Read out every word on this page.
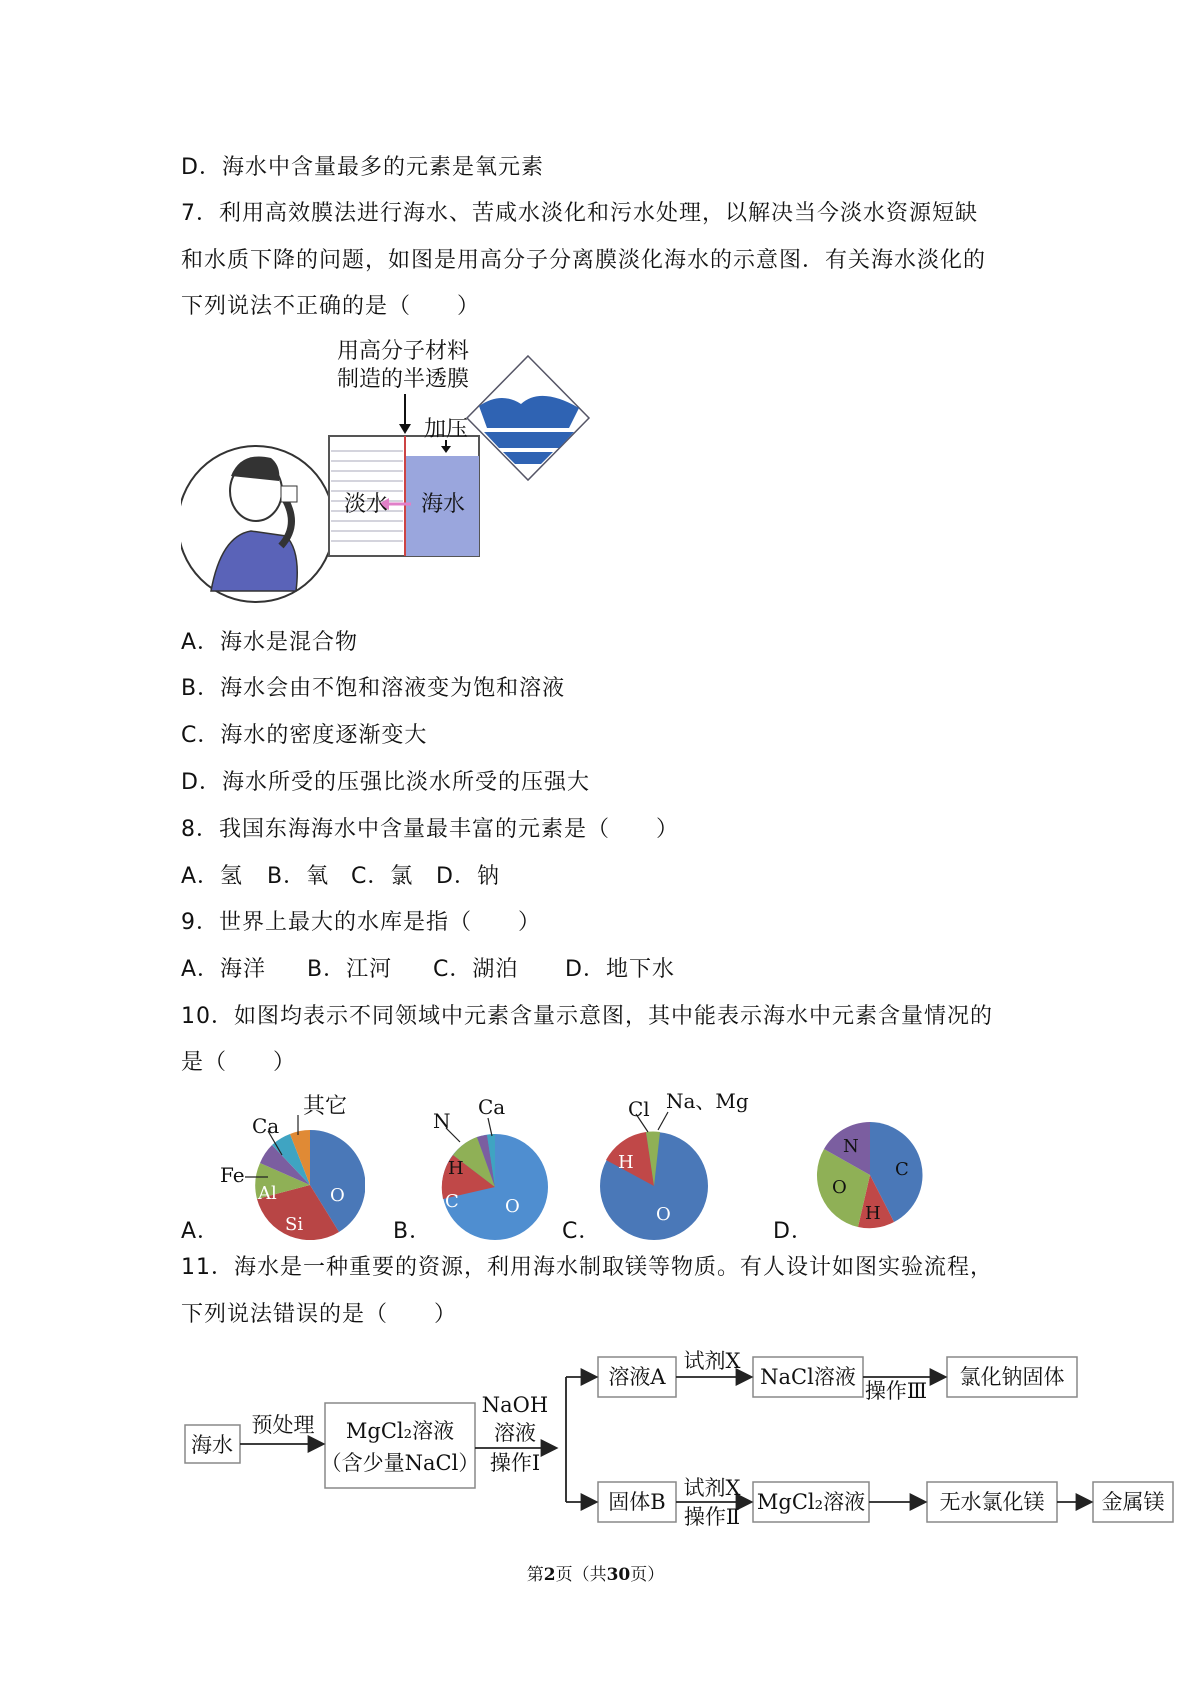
D．海水中含量最多的元素是氧元素
7．利用高效膜法进行海水、苦咸水淡化和污水处理，以解决当今淡水资源短缺
和水质下降的问题，如图是用高分子分离膜淡化海水的示意图．有关海水淡化的
下列说法不正确的是（　　）
用高分子材料
制造的半透膜
加压
淡水 海水
A．海水是混合物
B．海水会由不饱和溶液变为饱和溶液
C．海水的密度逐渐变大
D．海水所受的压强比淡水所受的压强大
8．我国东海海水中含量最丰富的元素是（　　）
A．氢 B．氧 C．氯 D．钠
9．世界上最大的水库是指（　　）
A．海洋 B．江河 C．湖泊 D．地下水
10．如图均表示不同领域中元素含量示意图，其中能表示海水中元素含量情况的
是（　　）
其它
Ca
Fe
Al
Si
O
Ca
N
H
C	O
Cl Na、Mg
H
O
N
C
O
H
A．	B．	C．	D．
11．海水是一种重要的资源，利用海水制取镁等物质。有人设计如图实验流程，
下列说法错误的是（　　）
海水
预处理 MgCl₂溶液
（含少量NaCl）
NaOH
溶液
操作Ⅰ
溶液A
试剂X
NaCl溶液
操作Ⅲ
氯化钠固体
固体B
试剂X
操作Ⅱ
MgCl₂溶液	无水氯化镁	金属镁
第2页（共30页）
